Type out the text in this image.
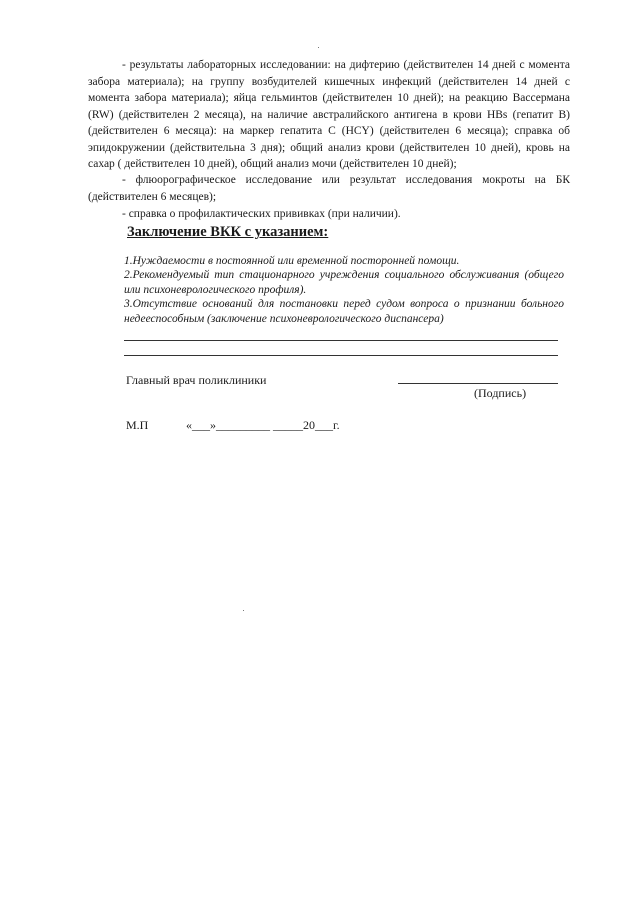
- результаты лабораторных исследовании: на дифтерию (действителен 14 дней с момента забора материала); на группу возбудителей кишечных инфекций (действителен 14 дней с момента забора материала); яйца гельминтов (действителен 10 дней); на реакцию Вассермана (RW) (действителен 2 месяца), на наличие австралийского антигена в крови HBs (гепатит B) (действителен 6 месяца): на маркер гепатита C (HCY) (действителен 6 месяца); справка об эпидокружении (действительна 3 дня); общий анализ крови (действителен 10 дней), кровь на сахар ( действителен 10 дней), общий анализ мочи (действителен 10 дней);
- флюорографическое исследование или результат исследования мокроты на БК (действителен 6 месяцев);
- справка о профилактических прививках (при наличии).
Заключение ВКК с указанием:
1.Нуждаемости в постоянной или временной посторонней помощи.
2.Рекомендуемый тип стационарного учреждения социального обслуживания (общего или психоневрологического профиля).
3.Отсутствие оснований для постановки перед судом вопроса о признании больного недееспособным (заключение психоневрологического диспансера)
Главный врач поликлиники
(Подпись)
М.П	«___»_________ _____20___г.
